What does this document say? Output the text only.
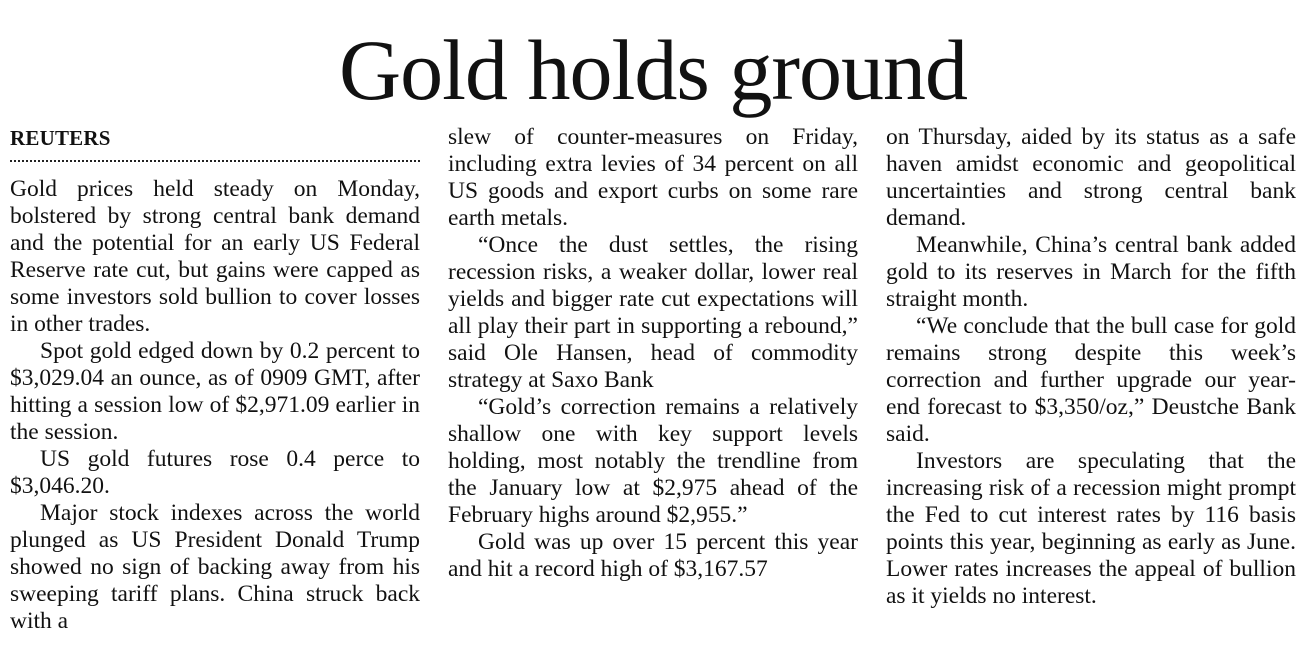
Gold holds ground
REUTERS

Gold prices held steady on Monday, bolstered by strong central bank demand and the potential for an early US Federal Reserve rate cut, but gains were capped as some investors sold bullion to cover losses in other trades.

Spot gold edged down by 0.2 percent to $3,029.04 an ounce, as of 0909 GMT, after hitting a session low of $2,971.09 earlier in the session.

US gold futures rose 0.4 perce to $3,046.20.

Major stock indexes across the world plunged as US President Donald Trump showed no sign of backing away from his sweeping tariff plans. China struck back with a

slew of counter-measures on Friday, including extra levies of 34 percent on all US goods and export curbs on some rare earth metals.

“Once the dust settles, the rising recession risks, a weaker dollar, lower real yields and bigger rate cut expectations will all play their part in supporting a rebound,” said Ole Hansen, head of commodity strategy at Saxo Bank

“Gold’s correction remains a relatively shallow one with key support levels holding, most notably the trendline from the January low at $2,975 ahead of the February highs around $2,955.”

Gold was up over 15 percent this year and hit a record high of $3,167.57

on Thursday, aided by its status as a safe haven amidst economic and geopolitical uncertainties and strong central bank demand.

Meanwhile, China’s central bank added gold to its reserves in March for the fifth straight month.

“We conclude that the bull case for gold remains strong despite this week’s correction and further upgrade our year-end forecast to $3,350/oz,” Deustche Bank said.

Investors are speculating that the increasing risk of a recession might prompt the Fed to cut interest rates by 116 basis points this year, beginning as early as June. Lower rates increases the appeal of bullion as it yields no interest.
